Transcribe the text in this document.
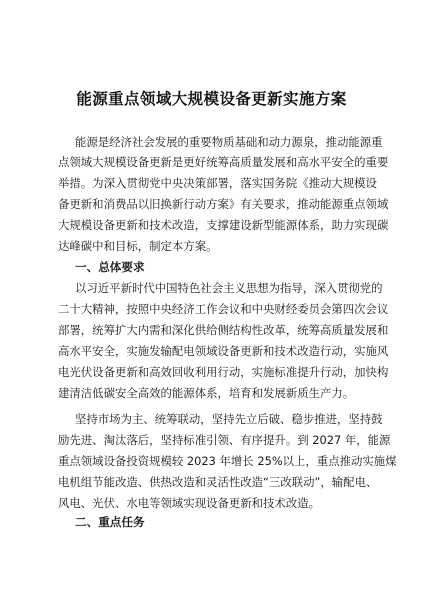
能源重点领域大规模设备更新实施方案
能源是经济社会发展的重要物质基础和动力源泉，推动能源重
点领域大规模设备更新是更好统筹高质量发展和高水平安全的重要
举措。为深入贯彻党中央决策部署，落实国务院《推动大规模设
备更新和消费品以旧换新行动方案》有关要求，推动能源重点领域
大规模设备更新和技术改造，支撑建设新型能源体系，助力实现碳
达峰碳中和目标，制定本方案。
一、总体要求
以习近平新时代中国特色社会主义思想为指导，深入贯彻党的
二十大精神，按照中央经济工作会议和中央财经委员会第四次会议
部署，统筹扩大内需和深化供给侧结构性改革，统筹高质量发展和
高水平安全，实施发输配电领域设备更新和技术改造行动，实施风
电光伏设备更新和高效回收利用行动，实施标准提升行动，加快构
建清洁低碳安全高效的能源体系，培育和发展新质生产力。
坚持市场为主、统筹联动，坚持先立后破、稳步推进，坚持鼓
励先进、淘汰落后，坚持标准引领、有序提升。到 2027 年，能源
重点领域设备投资规模较 2023 年增长 25%以上，重点推动实施煤
电机组节能改造、供热改造和灵活性改造“三改联动”，输配电、
风电、光伏、水电等领域实现设备更新和技术改造。
二、重点任务
